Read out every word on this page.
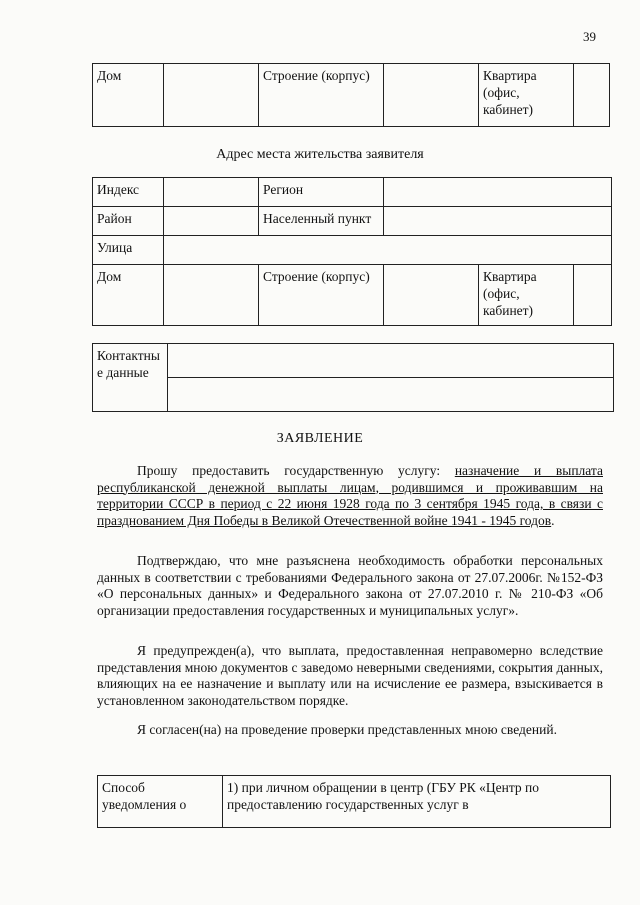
39
Дом		Строение (корпус)		Квартира (офис, кабинет)	
Адрес места жительства заявителя
Индекс		Регион			
Район		Населенный пункт			
Улица					
Дом		Строение (корпус)		Квартира (офис, кабинет)	
Контактные данные	

ЗАЯВЛЕНИЕ
Прошу предоставить государственную услугу: назначение и выплата республиканской денежной выплаты лицам, родившимся и проживавшим на территории СССР в период с 22 июня 1928 года по 3 сентября 1945 года, в связи с празднованием Дня Победы в Великой Отечественной войне 1941 - 1945 годов.
Подтверждаю, что мне разъяснена необходимость обработки персональных данных в соответствии с требованиями Федерального закона от 27.07.2006г. №152-ФЗ «О персональных данных» и Федерального закона от 27.07.2010 г. № 210-ФЗ «Об организации предоставления государственных и муниципальных услуг».
Я предупрежден(а), что выплата, предоставленная неправомерно вследствие представления мною документов с заведомо неверными сведениями, сокрытия данных, влияющих на ее назначение и выплату или на исчисление ее размера, взыскивается в установленном законодательством порядке.
Я согласен(на) на проведение проверки представленных мною сведений.
Способ уведомления о	1) при личном обращении в центр (ГБУ РК «Центр по предоставлению государственных услуг в
